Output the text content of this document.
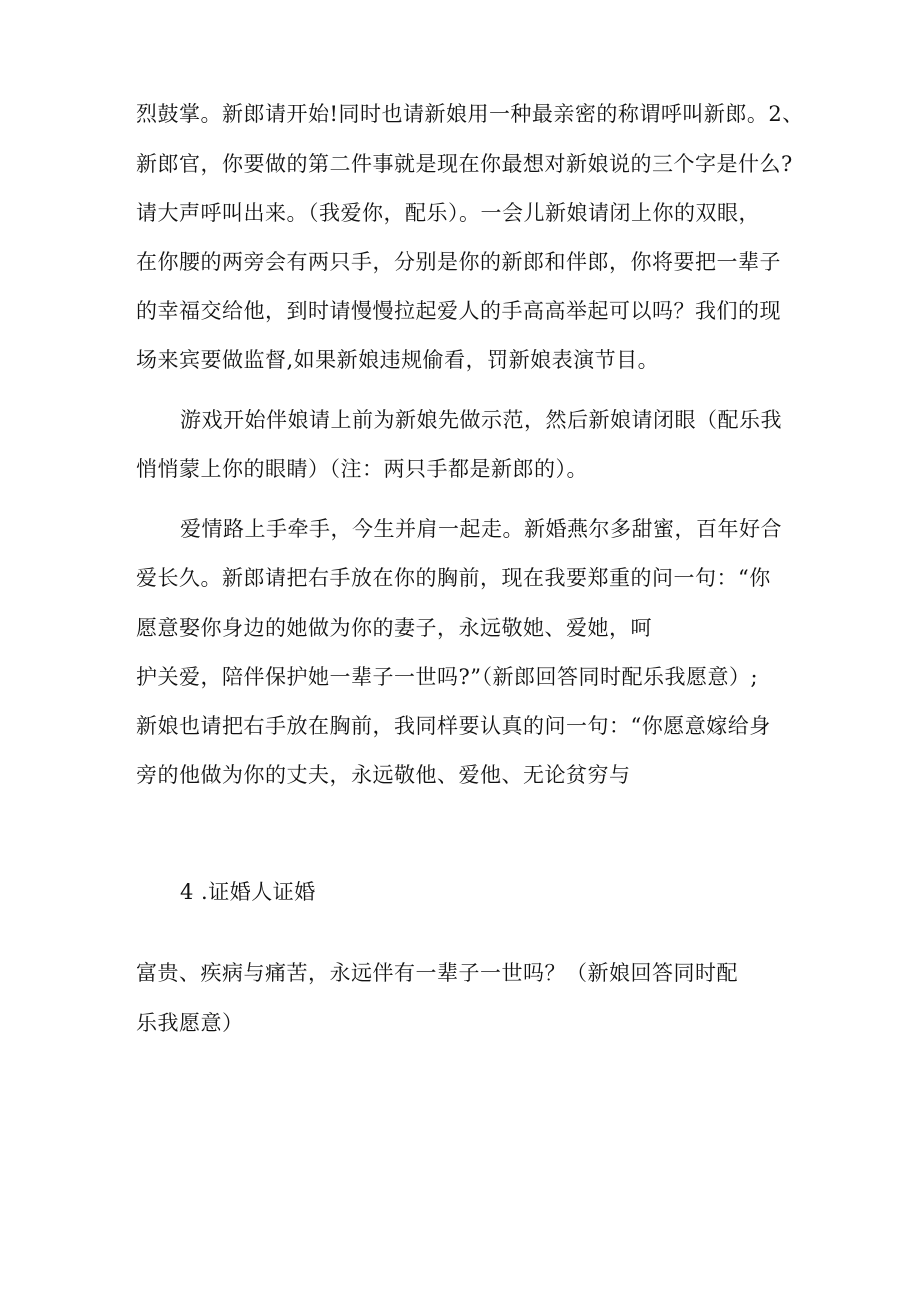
烈鼓掌。新郎请开始!同时也请新娘用一种最亲密的称谓呼叫新郎。2、
新郎官，你要做的第二件事就是现在你最想对新娘说的三个字是什么?
请大声呼叫出来。（我爱你，配乐）。一会儿新娘请闭上你的双眼，
在你腰的两旁会有两只手，分别是你的新郎和伴郎，你将要把一辈子
的幸福交给他，到时请慢慢拉起爱人的手高高举起可以吗？我们的现
场来宾要做监督,如果新娘违规偷看，罚新娘表演节目。
游戏开始伴娘请上前为新娘先做示范，然后新娘请闭眼（配乐我
悄悄蒙上你的眼睛）（注：两只手都是新郎的）。
爱情路上手牵手，今生并肩一起走。新婚燕尔多甜蜜，百年好合
爱长久。新郎请把右手放在你的胸前，现在我要郑重的问一句：“你
愿意娶你身边的她做为你的妻子，永远敬她、爱她，呵
护关爱，陪伴保护她一辈子一世吗?”（新郎回答同时配乐我愿意）;
新娘也请把右手放在胸前，我同样要认真的问一句：“你愿意嫁给身
旁的他做为你的丈夫，永远敬他、爱他、无论贫穷与
4 .证婚人证婚
富贵、疾病与痛苦，永远伴有一辈子一世吗？（新娘回答同时配
乐我愿意）
